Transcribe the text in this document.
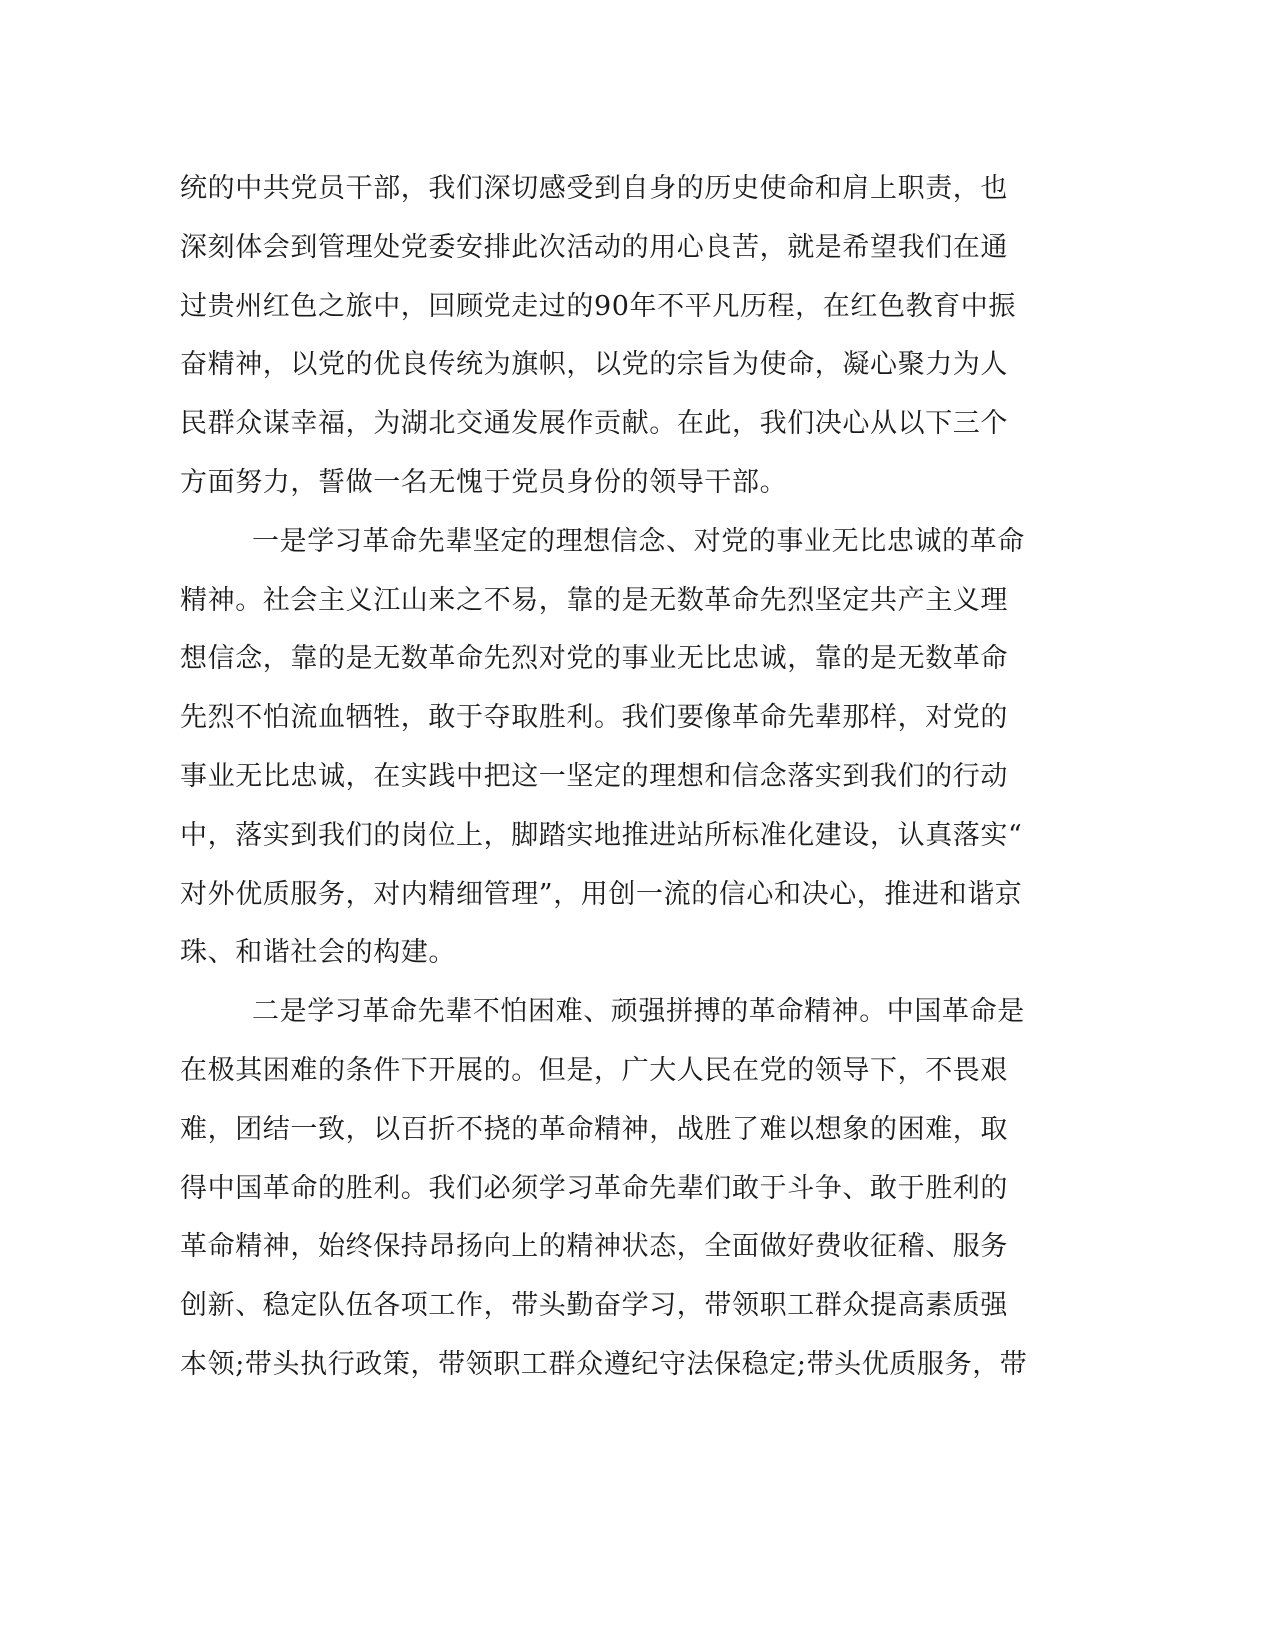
统的中共党员干部，我们深切感受到自身的历史使命和肩上职责，也
深刻体会到管理处党委安排此次活动的用心良苦，就是希望我们在通
过贵州红色之旅中，回顾党走过的90年不平凡历程，在红色教育中振
奋精神，以党的优良传统为旗帜，以党的宗旨为使命，凝心聚力为人
民群众谋幸福，为湖北交通发展作贡献。在此，我们决心从以下三个
方面努力，誓做一名无愧于党员身份的领导干部。
一是学习革命先辈坚定的理想信念、对党的事业无比忠诚的革命
精神。社会主义江山来之不易，靠的是无数革命先烈坚定共产主义理
想信念，靠的是无数革命先烈对党的事业无比忠诚，靠的是无数革命
先烈不怕流血牺牲，敢于夺取胜利。我们要像革命先辈那样，对党的
事业无比忠诚，在实践中把这一坚定的理想和信念落实到我们的行动
中，落实到我们的岗位上，脚踏实地推进站所标准化建设，认真落实“
对外优质服务，对内精细管理”，用创一流的信心和决心，推进和谐京
珠、和谐社会的构建。
二是学习革命先辈不怕困难、顽强拼搏的革命精神。中国革命是
在极其困难的条件下开展的。但是，广大人民在党的领导下，不畏艰
难，团结一致，以百折不挠的革命精神，战胜了难以想象的困难，取
得中国革命的胜利。我们必须学习革命先辈们敢于斗争、敢于胜利的
革命精神，始终保持昂扬向上的精神状态，全面做好费收征稽、服务
创新、稳定队伍各项工作，带头勤奋学习，带领职工群众提高素质强
本领;带头执行政策，带领职工群众遵纪守法保稳定;带头优质服务，带
